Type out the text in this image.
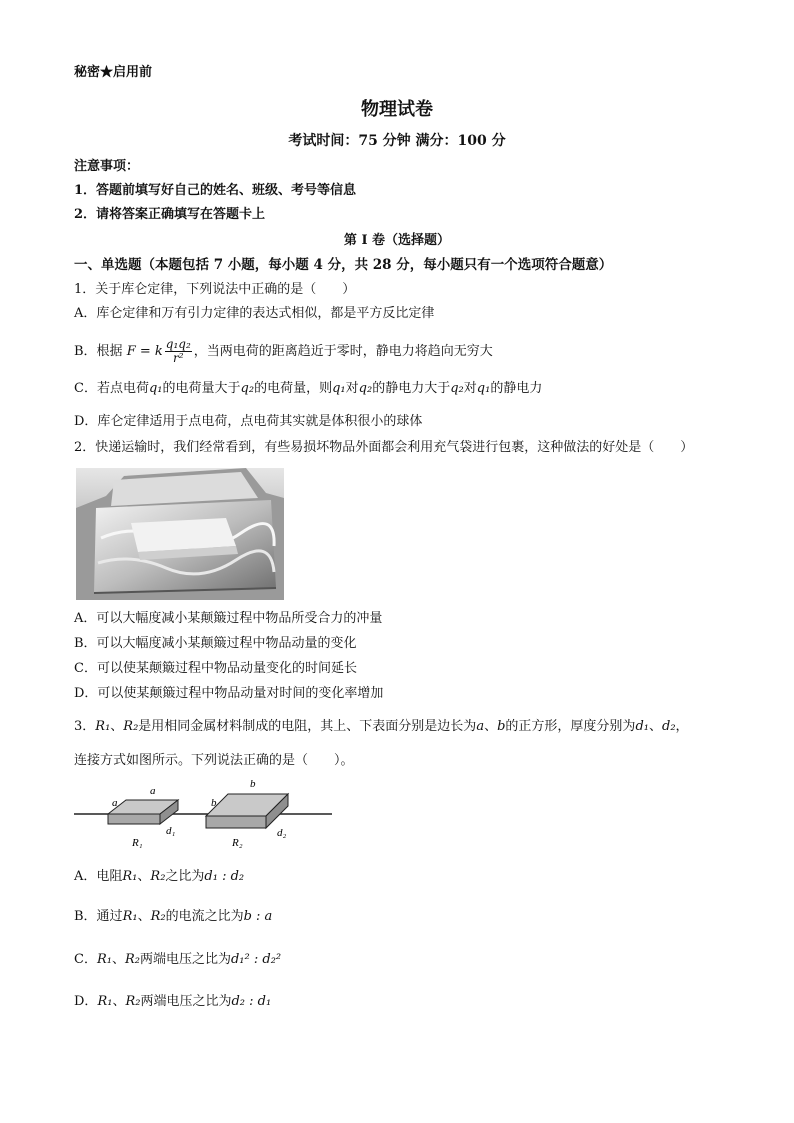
秘密★启用前
物理试卷
考试时间：75 分钟 满分：100 分
注意事项：
1．答题前填写好自己的姓名、班级、考号等信息
2．请将答案正确填写在答题卡上
第 I 卷（选择题）
一、单选题（本题包括 7 小题，每小题 4 分，共 28 分，每小题只有一个选项符合题意）
1．关于库仑定律，下列说法中正确的是（　　）
A．库仑定律和万有引力定律的表达式相似，都是平方反比定律
B．根据 F = k $\frac{\text{q₁q₂}}{\text{r²}}$ ，当两电荷的距离趋近于零时，静电力将趋向无穷大
C．若点电荷q₁的电荷量大于q₂的电荷量，则q₁对q₂的静电力大于q₂对q₁的静电力
D．库仑定律适用于点电荷，点电荷其实就是体积很小的球体
2．快递运输时，我们经常看到，有些易损坏物品外面都会利用充气袋进行包裹，这种做法的好处是（　　）
A．可以大幅度减小某颠簸过程中物品所受合力的冲量
B．可以大幅度减小某颠簸过程中物品动量的变化
C．可以使某颠簸过程中物品动量变化的时间延长
D．可以使某颠簸过程中物品动量对时间的变化率增加
3．R₁、R₂是用相同金属材料制成的电阻，其上、下表面分别是边长为a、b的正方形，厚度分别为d₁、d₂，
连接方式如图所示。下列说法正确的是（　　）。
a
a
d₁
R₁
b
b
d₂
R₂
A．电阻R₁、R₂之比为d₁ : d₂
B．通过R₁、R₂的电流之比为b : a
C．R₁、R₂两端电压之比为d₁² : d₂²
D．R₁、R₂两端电压之比为d₂ : d₁
